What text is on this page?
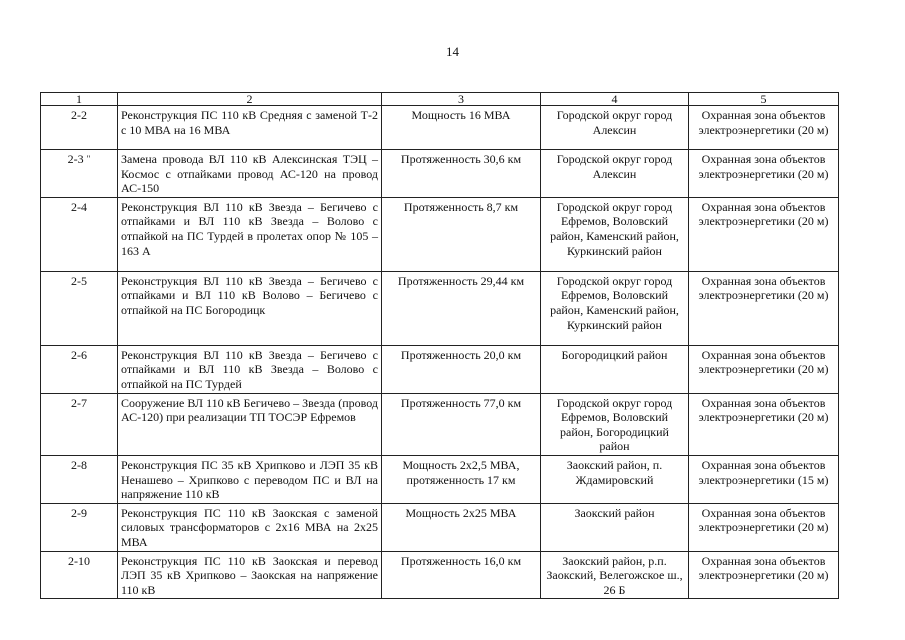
14
1	2	3	4	5
2-2	Реконструкция ПС 110 кВ Средняя с заменой Т-2 с 10 МВА на 16 МВА	Мощность 16 МВА	Городской округ город Алексин	Охранная зона объектов электроэнергетики (20 м)
2-3 "	Замена провода ВЛ 110 кВ Алексинская ТЭЦ – Космос с отпайками провод АС-120 на провод АС-150	Протяженность 30,6 км	Городской округ город Алексин	Охранная зона объектов электроэнергетики (20 м)
2-4	Реконструкция ВЛ 110 кВ Звезда – Бегичево с отпайками и ВЛ 110 кВ Звезда – Волово с отпайкой на ПС Турдей в пролетах опор № 105 – 163 А	Протяженность 8,7 км	Городской округ город Ефремов, Воловский район, Каменский район, Куркинский район	Охранная зона объектов электроэнергетики (20 м)
2-5	Реконструкция ВЛ 110 кВ Звезда – Бегичево с отпайками и ВЛ 110 кВ Волово – Бегичево с отпайкой на ПС Богородицк	Протяженность 29,44 км	Городской округ город Ефремов, Воловский район, Каменский район, Куркинский район	Охранная зона объектов электроэнергетики (20 м)
2-6	Реконструкция ВЛ 110 кВ Звезда – Бегичево с отпайками и ВЛ 110 кВ Звезда – Волово с отпайкой на ПС Турдей	Протяженность 20,0 км	Богородицкий район	Охранная зона объектов электроэнергетики (20 м)
2-7	Сооружение ВЛ 110 кВ Бегичево – Звезда (провод АС-120) при реализации ТП ТОСЭР Ефремов	Протяженность 77,0 км	Городской округ город Ефремов, Воловский район, Богородицкий район	Охранная зона объектов электроэнергетики (20 м)
2-8	Реконструкция ПС 35 кВ Хрипково и ЛЭП 35 кВ Ненашево – Хрипково с переводом ПС и ВЛ на напряжение 110 кВ	Мощность 2х2,5 МВА, протяженность 17 км	Заокский район, п. Ждамировский	Охранная зона объектов электроэнергетики (15 м)
2-9	Реконструкция ПС 110 кВ Заокская с заменой силовых трансформаторов с 2х16 МВА на 2х25 МВА	Мощность 2х25 МВА	Заокский район	Охранная зона объектов электроэнергетики (20 м)
2-10	Реконструкция ПС 110 кВ Заокская и перевод ЛЭП 35 кВ Хрипково – Заокская на напряжение 110 кВ	Протяженность 16,0 км	Заокский район, р.п. Заокский, Велегожское ш., 26 Б	Охранная зона объектов электроэнергетики (20 м)
